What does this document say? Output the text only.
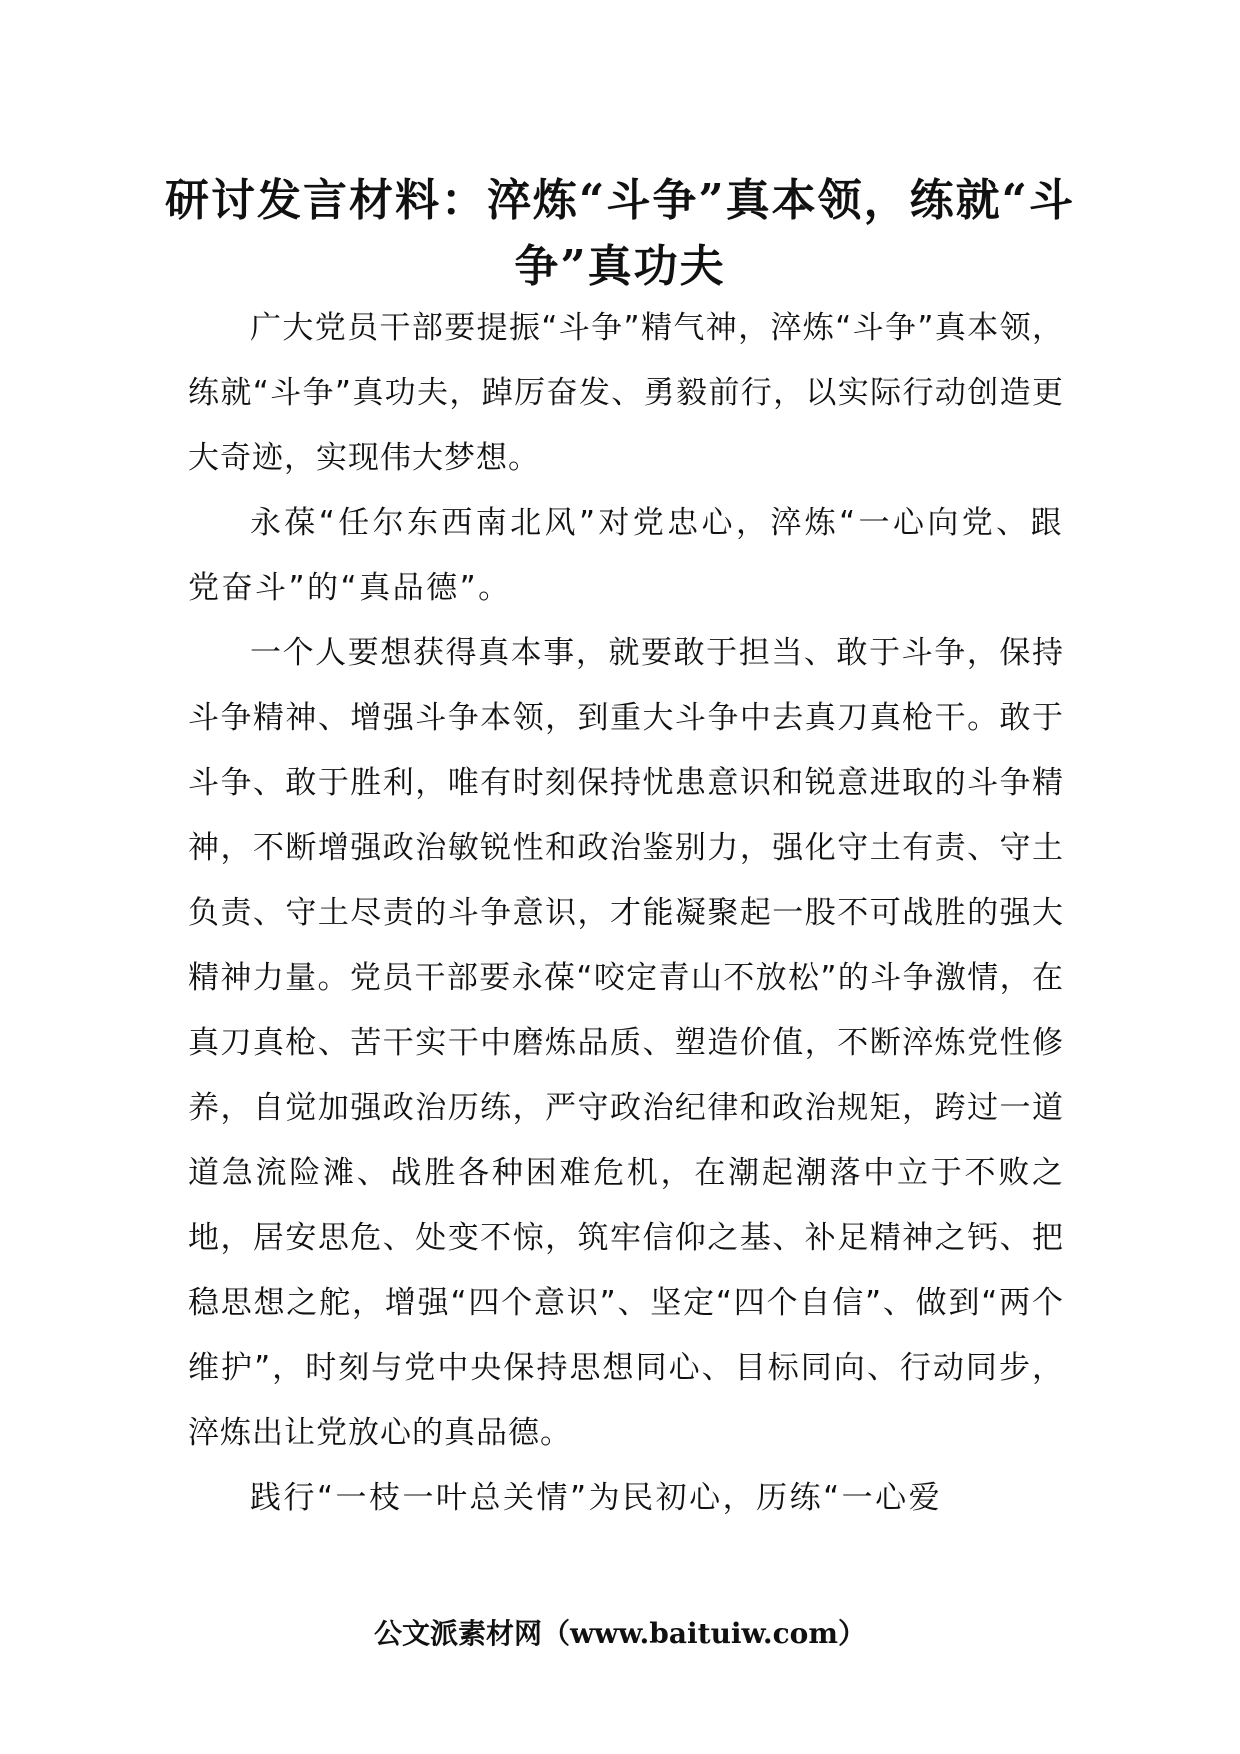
研讨发言材料：淬炼“斗争”真本领，练就“斗争”真功夫

广大党员干部要提振“斗争”精气神，淬炼“斗争”真本领，练就“斗争”真功夫，踔厉奋发、勇毅前行，以实际行动创造更大奇迹，实现伟大梦想。

永葆“任尔东西南北风”对党忠心，淬炼“一心向党、跟党奋斗”的“真品德”。

一个人要想获得真本事，就要敢于担当、敢于斗争，保持斗争精神、增强斗争本领，到重大斗争中去真刀真枪干。敢于斗争、敢于胜利，唯有时刻保持忧患意识和锐意进取的斗争精神，不断增强政治敏锐性和政治鉴别力，强化守土有责、守土负责、守土尽责的斗争意识，才能凝聚起一股不可战胜的强大精神力量。党员干部要永葆“咬定青山不放松”的斗争激情，在真刀真枪、苦干实干中磨炼品质、塑造价值，不断淬炼党性修养，自觉加强政治历练，严守政治纪律和政治规矩，跨过一道道急流险滩、战胜各种困难危机，在潮起潮落中立于不败之地，居安思危、处变不惊，筑牢信仰之基、补足精神之钙、把稳思想之舵，增强“四个意识”、坚定“四个自信”、做到“两个维护”，时刻与党中央保持思想同心、目标同向、行动同步，淬炼出让党放心的真品德。

践行“一枝一叶总关情”为民初心，历练“一心爱

公文派素材网（www.baituiw.com）
